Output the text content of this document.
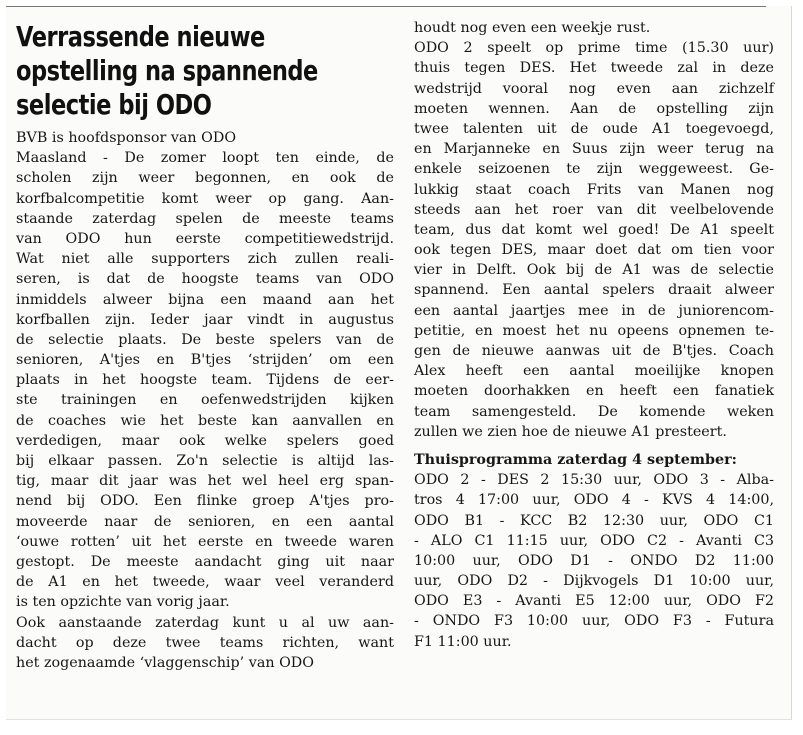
Verrassende nieuwe
opstelling na spannende
selectie bij ODO
BVB is hoofdsponsor van ODO
Maasland - De zomer loopt ten einde, de
scholen zijn weer begonnen, en ook de
korfbalcompetitie komt weer op gang. Aan-
staande zaterdag spelen de meeste teams
van ODO hun eerste competitiewedstrijd.
Wat niet alle supporters zich zullen reali-
seren, is dat de hoogste teams van ODO
inmiddels alweer bijna een maand aan het
korfballen zijn. Ieder jaar vindt in augustus
de selectie plaats. De beste spelers van de
senioren, A'tjes en B'tjes ‘strijden’ om een
plaats in het hoogste team. Tijdens de eer-
ste trainingen en oefenwedstrijden kijken
de coaches wie het beste kan aanvallen en
verdedigen, maar ook welke spelers goed
bij elkaar passen. Zo'n selectie is altijd las-
tig, maar dit jaar was het wel heel erg span-
nend bij ODO. Een flinke groep A'tjes pro-
moveerde naar de senioren, en een aantal
‘ouwe rotten’ uit het eerste en tweede waren
gestopt. De meeste aandacht ging uit naar
de A1 en het tweede, waar veel veranderd
is ten opzichte van vorig jaar.
Ook aanstaande zaterdag kunt u al uw aan-
dacht op deze twee teams richten, want
het zogenaamde ‘vlaggenschip’ van ODO
houdt nog even een weekje rust.
ODO 2 speelt op prime time (15.30 uur)
thuis tegen DES. Het tweede zal in deze
wedstrijd vooral nog even aan zichzelf
moeten wennen. Aan de opstelling zijn
twee talenten uit de oude A1 toegevoegd,
en Marjanneke en Suus zijn weer terug na
enkele seizoenen te zijn weggeweest. Ge-
lukkig staat coach Frits van Manen nog
steeds aan het roer van dit veelbelovende
team, dus dat komt wel goed! De A1 speelt
ook tegen DES, maar doet dat om tien voor
vier in Delft. Ook bij de A1 was de selectie
spannend. Een aantal spelers draait alweer
een aantal jaartjes mee in de juniorencom-
petitie, en moest het nu opeens opnemen te-
gen de nieuwe aanwas uit de B'tjes. Coach
Alex heeft een aantal moeilijke knopen
moeten doorhakken en heeft een fanatiek
team samengesteld. De komende weken
zullen we zien hoe de nieuwe A1 presteert.
Thuisprogramma zaterdag 4 september:
ODO 2 - DES 2 15:30 uur, ODO 3 - Alba-
tros 4 17:00 uur, ODO 4 - KVS 4 14:00,
ODO B1 - KCC B2 12:30 uur, ODO C1
- ALO C1 11:15 uur, ODO C2 - Avanti C3
10:00 uur, ODO D1 - ONDO D2 11:00
uur, ODO D2 - Dijkvogels D1 10:00 uur,
ODO E3 - Avanti E5 12:00 uur, ODO F2
- ONDO F3 10:00 uur, ODO F3 - Futura
F1 11:00 uur.
